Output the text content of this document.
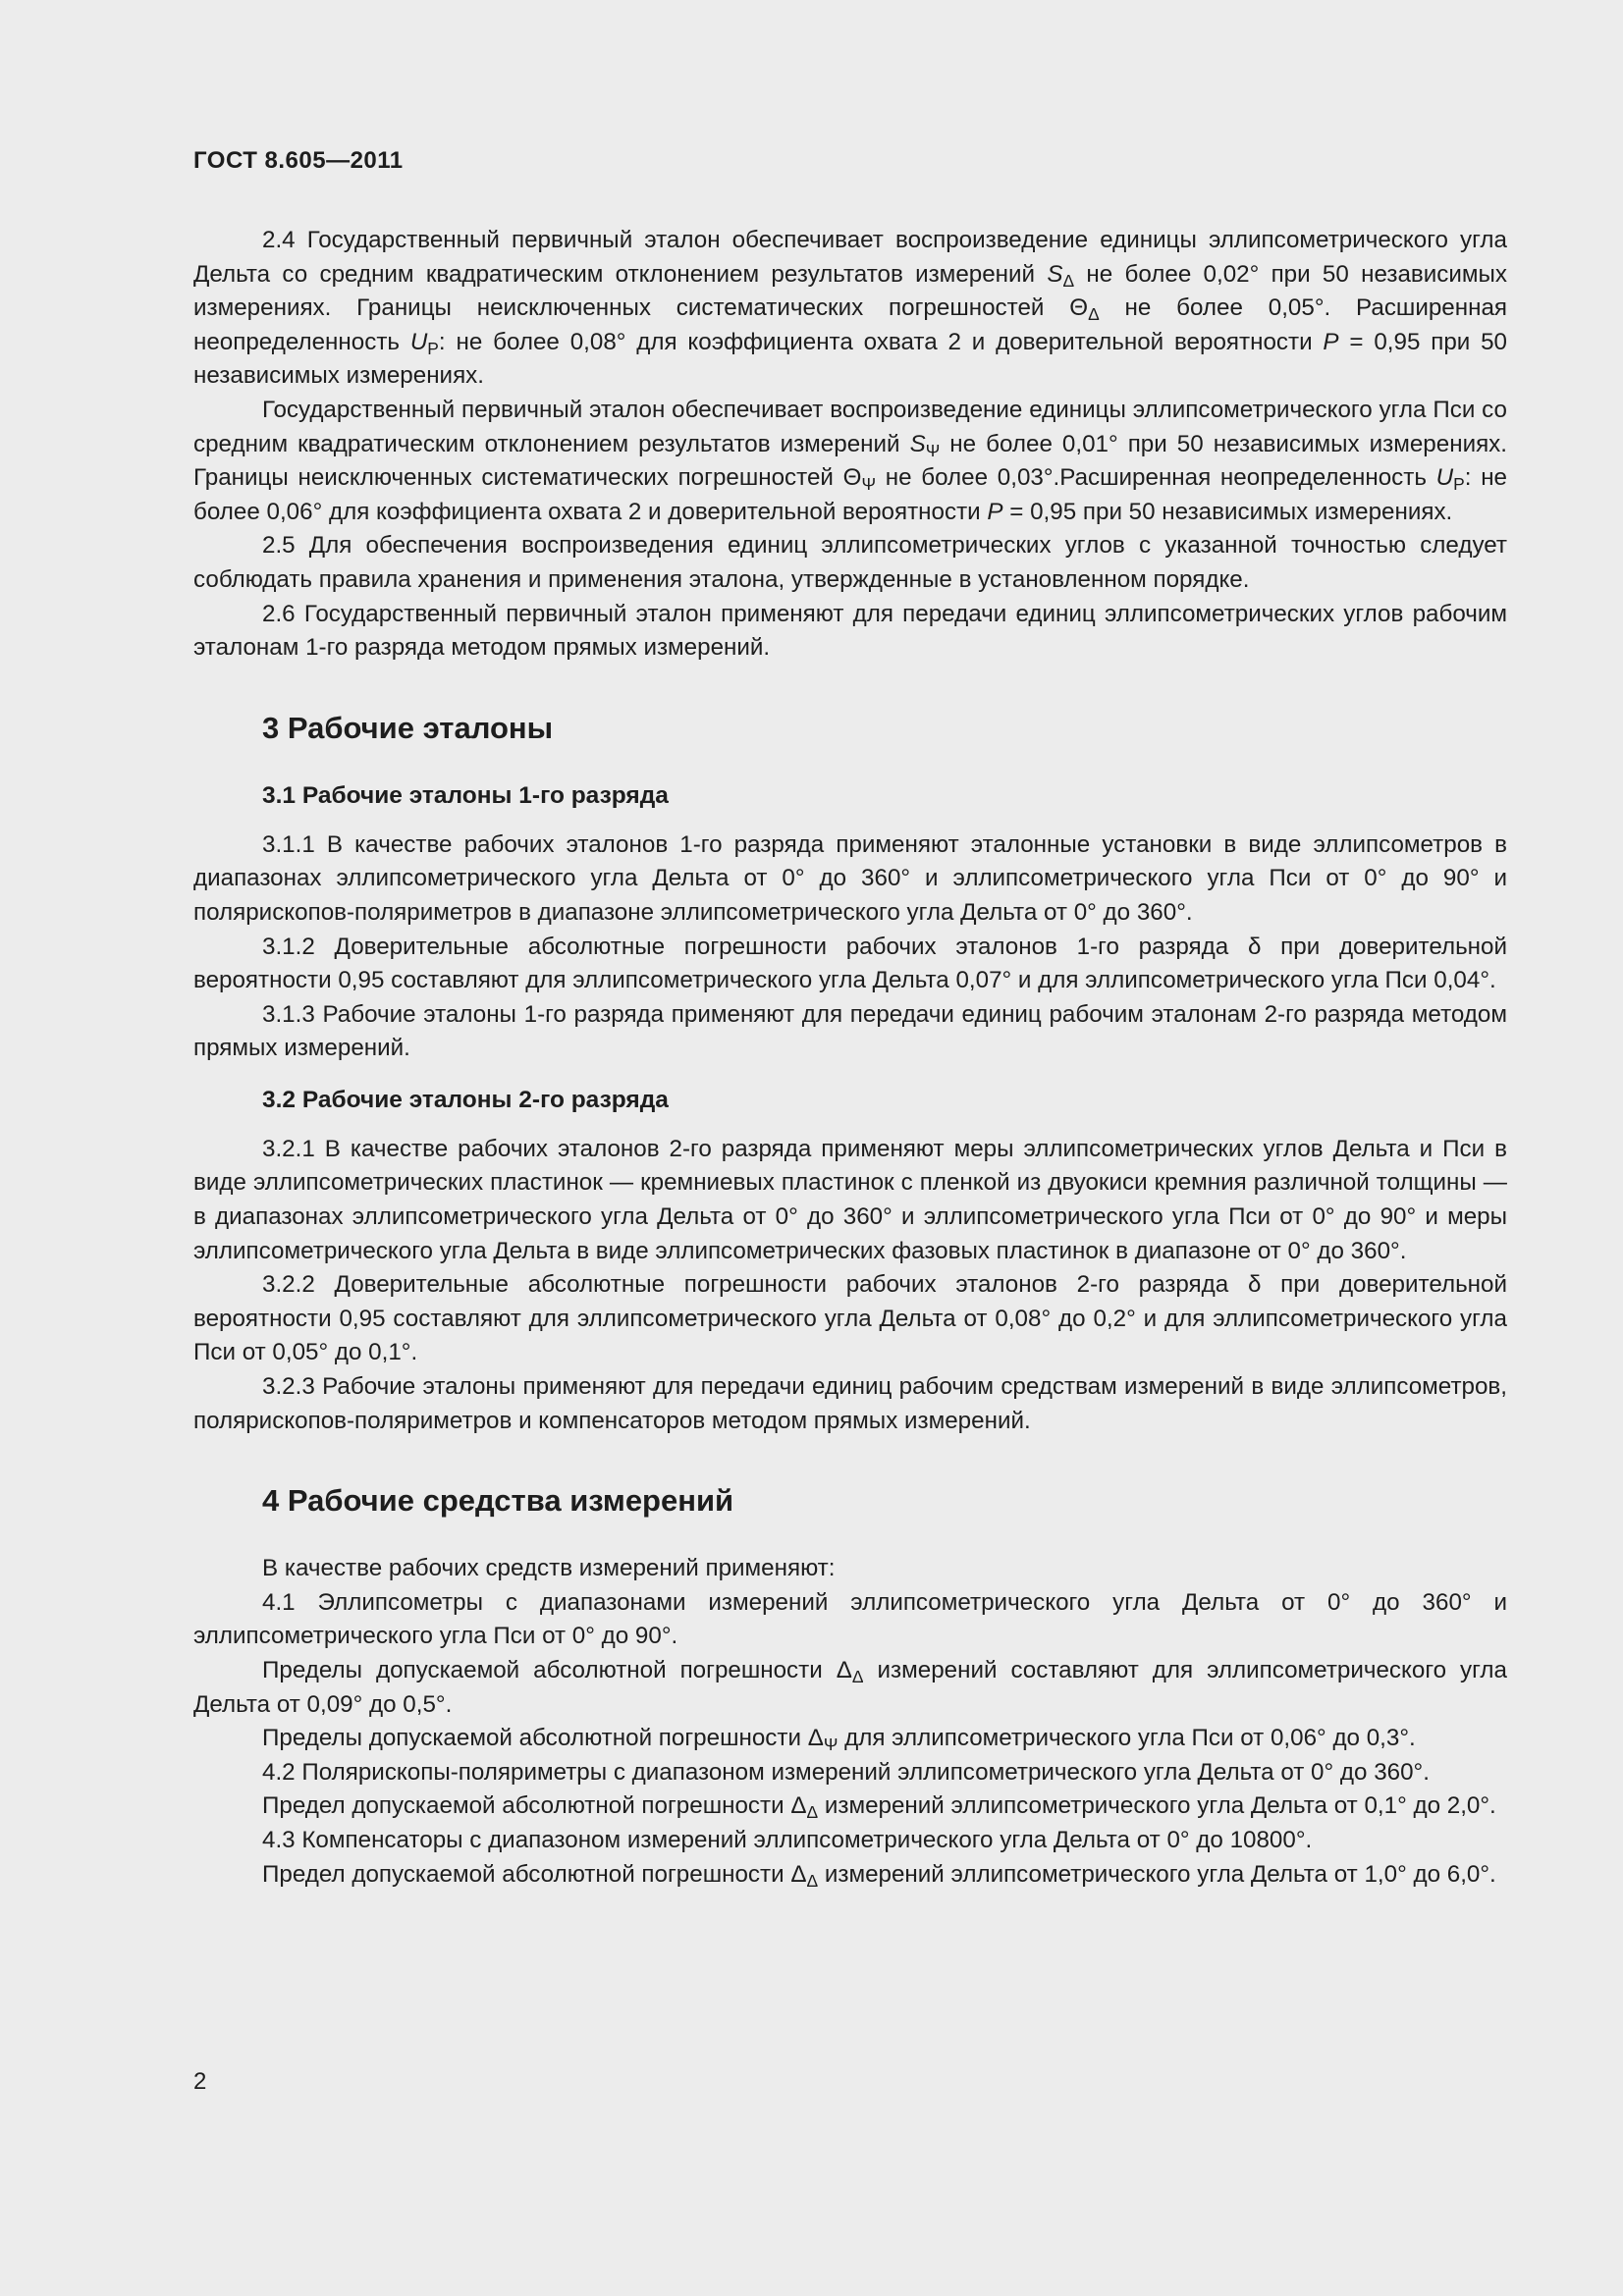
ГОСТ 8.605—2011

2.4 Государственный первичный эталон обеспечивает воспроизведение единицы эллипсометрического угла Дельта со средним квадратическим отклонением результатов измерений $S_\Delta$ не более 0,02° при 50 независимых измерениях. Границы неисключенных систематических погрешностей $\Theta_\Delta$ не более 0,05°. Расширенная неопределенность $U_P$: не более 0,08° для коэффициента охвата 2 и доверительной вероятности P = 0,95 при 50 независимых измерениях.

Государственный первичный эталон обеспечивает воспроизведение единицы эллипсометрического угла Пси со средним квадратическим отклонением результатов измерений $S_\Psi$ не более 0,01° при 50 независимых измерениях. Границы неисключенных систематических погрешностей $\Theta_\Psi$ не более 0,03°.Расширенная неопределенность $U_P$: не более 0,06° для коэффициента охвата 2 и доверительной вероятности P = 0,95 при 50 независимых измерениях.

2.5 Для обеспечения воспроизведения единиц эллипсометрических углов с указанной точностью следует соблюдать правила хранения и применения эталона, утвержденные в установленном порядке.

2.6 Государственный первичный эталон применяют для передачи единиц эллипсометрических углов рабочим эталонам 1-го разряда методом прямых измерений.

3 Рабочие эталоны
3.1 Рабочие эталоны 1-го разряда

3.1.1 В качестве рабочих эталонов 1-го разряда применяют эталонные установки в виде эллипсометров в диапазонах эллипсометрического угла Дельта от 0° до 360° и эллипсометрического угла Пси от 0° до 90° и полярископов-поляриметров в диапазоне эллипсометрического угла Дельта от 0° до 360°.

3.1.2 Доверительные абсолютные погрешности рабочих эталонов 1-го разряда δ при доверительной вероятности 0,95 составляют для эллипсометрического угла Дельта 0,07° и для эллипсометрического угла Пси 0,04°.

3.1.3 Рабочие эталоны 1-го разряда применяют для передачи единиц рабочим эталонам 2-го разряда методом прямых измерений.

3.2 Рабочие эталоны 2-го разряда

3.2.1 В качестве рабочих эталонов 2-го разряда применяют меры эллипсометрических углов Дельта и Пси в виде эллипсометрических пластинок — кремниевых пластинок с пленкой из двуокиси кремния различной толщины — в диапазонах эллипсометрического угла Дельта от 0° до 360° и эллипсометрического угла Пси от 0° до 90° и меры эллипсометрического угла Дельта в виде эллипсометрических фазовых пластинок в диапазоне от 0° до 360°.

3.2.2 Доверительные абсолютные погрешности рабочих эталонов 2-го разряда δ при доверительной вероятности 0,95 составляют для эллипсометрического угла Дельта от 0,08° до 0,2° и для эллипсометрического угла Пси от 0,05° до 0,1°.

3.2.3 Рабочие эталоны применяют для передачи единиц рабочим средствам измерений в виде эллипсометров, полярископов-поляриметров и компенсаторов методом прямых измерений.

4 Рабочие средства измерений

В качестве рабочих средств измерений применяют:

4.1 Эллипсометры с диапазонами измерений эллипсометрического угла Дельта от 0° до 360° и эллипсометрического угла Пси от 0° до 90°.

Пределы допускаемой абсолютной погрешности $\Delta_\Delta$ измерений составляют для эллипсометрического угла Дельта от 0,09° до 0,5°.

Пределы допускаемой абсолютной погрешности $\Delta_\Psi$ для эллипсометрического угла Пси от 0,06° до 0,3°.

4.2 Полярископы-поляриметры с диапазоном измерений эллипсометрического угла Дельта от 0° до 360°.

Предел допускаемой абсолютной погрешности $\Delta_\Delta$ измерений эллипсометрического угла Дельта от 0,1° до 2,0°.

4.3 Компенсаторы с диапазоном измерений эллипсометрического угла Дельта от 0° до 10800°.

Предел допускаемой абсолютной погрешности $\Delta_\Delta$ измерений эллипсометрического угла Дельта от 1,0° до 6,0°.

2
